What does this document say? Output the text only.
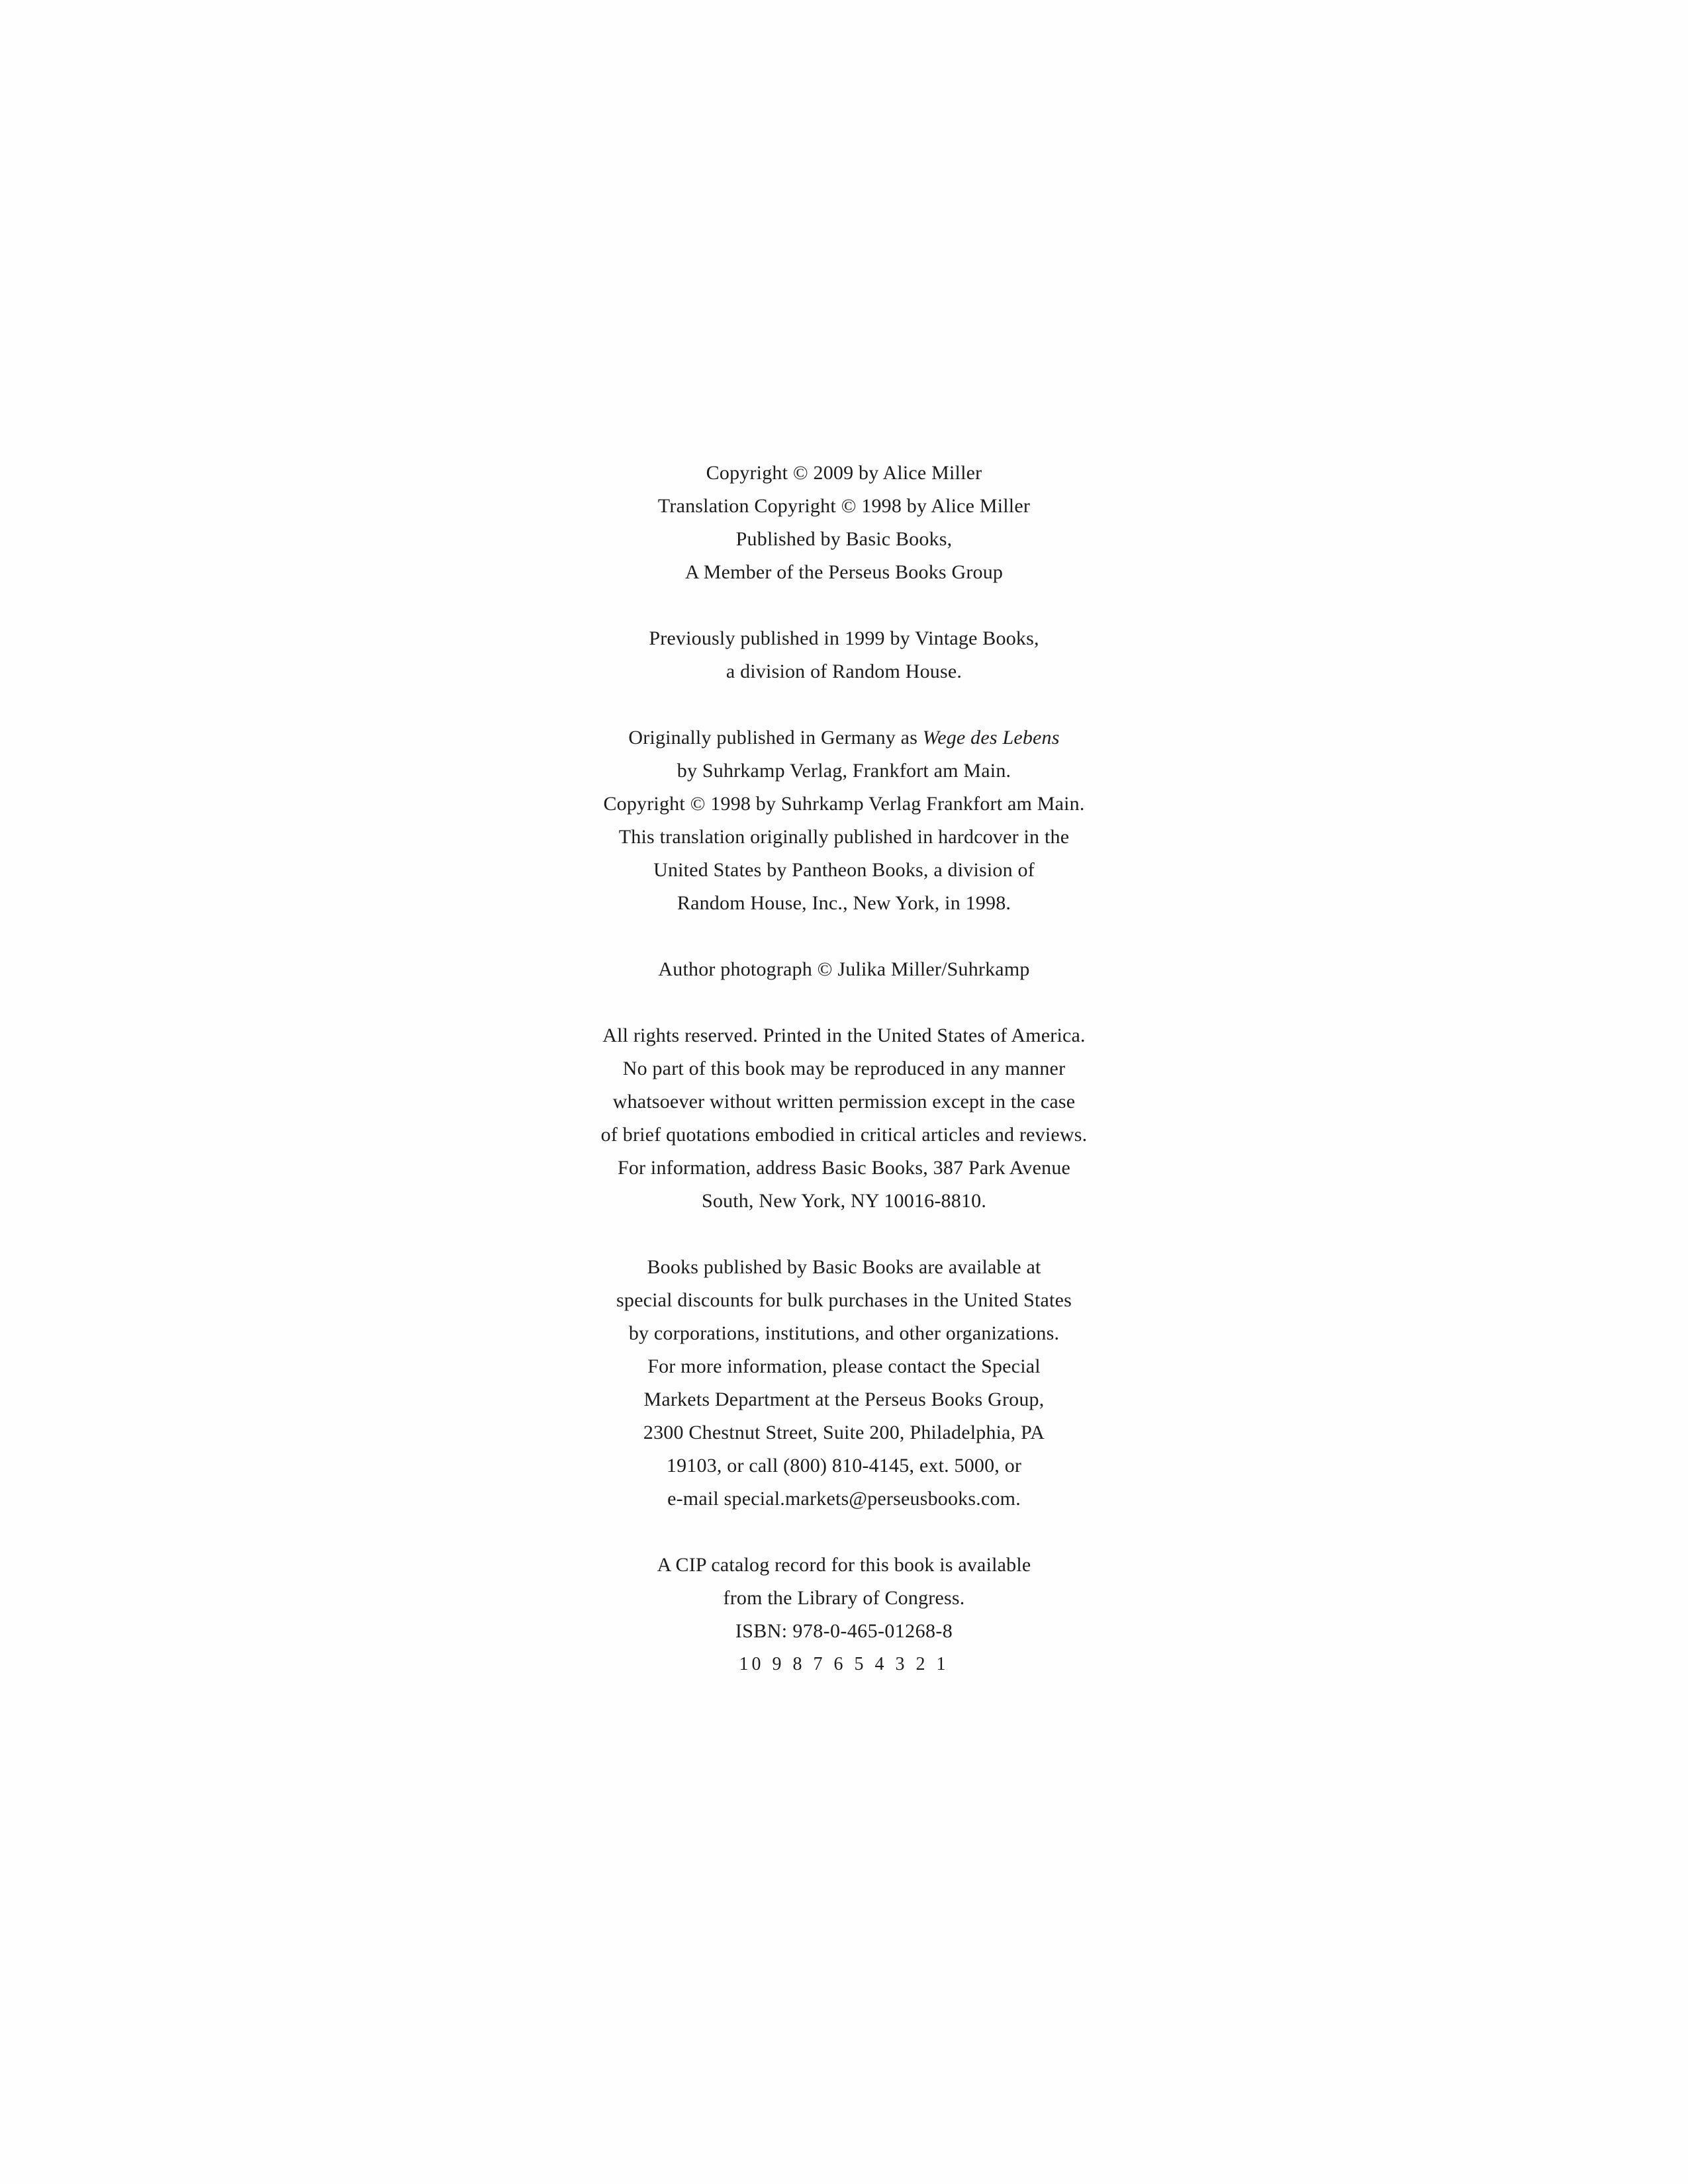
Copyright © 2009 by Alice Miller
Translation Copyright © 1998 by Alice Miller
Published by Basic Books,
A Member of the Perseus Books Group

Previously published in 1999 by Vintage Books,
a division of Random House.

Originally published in Germany as Wege des Lebens
by Suhrkamp Verlag, Frankfort am Main.
Copyright © 1998 by Suhrkamp Verlag Frankfort am Main.
This translation originally published in hardcover in the
United States by Pantheon Books, a division of
Random House, Inc., New York, in 1998.

Author photograph © Julika Miller/Suhrkamp

All rights reserved. Printed in the United States of America.
No part of this book may be reproduced in any manner
whatsoever without written permission except in the case
of brief quotations embodied in critical articles and reviews.
For information, address Basic Books, 387 Park Avenue
South, New York, NY 10016-8810.

Books published by Basic Books are available at
special discounts for bulk purchases in the United States
by corporations, institutions, and other organizations.
For more information, please contact the Special
Markets Department at the Perseus Books Group,
2300 Chestnut Street, Suite 200, Philadelphia, PA
19103, or call (800) 810-4145, ext. 5000, or
e-mail special.markets@perseusbooks.com.

A CIP catalog record for this book is available
from the Library of Congress.
ISBN: 978-0-465-01268-8
10 9 8 7 6 5 4 3 2 1
